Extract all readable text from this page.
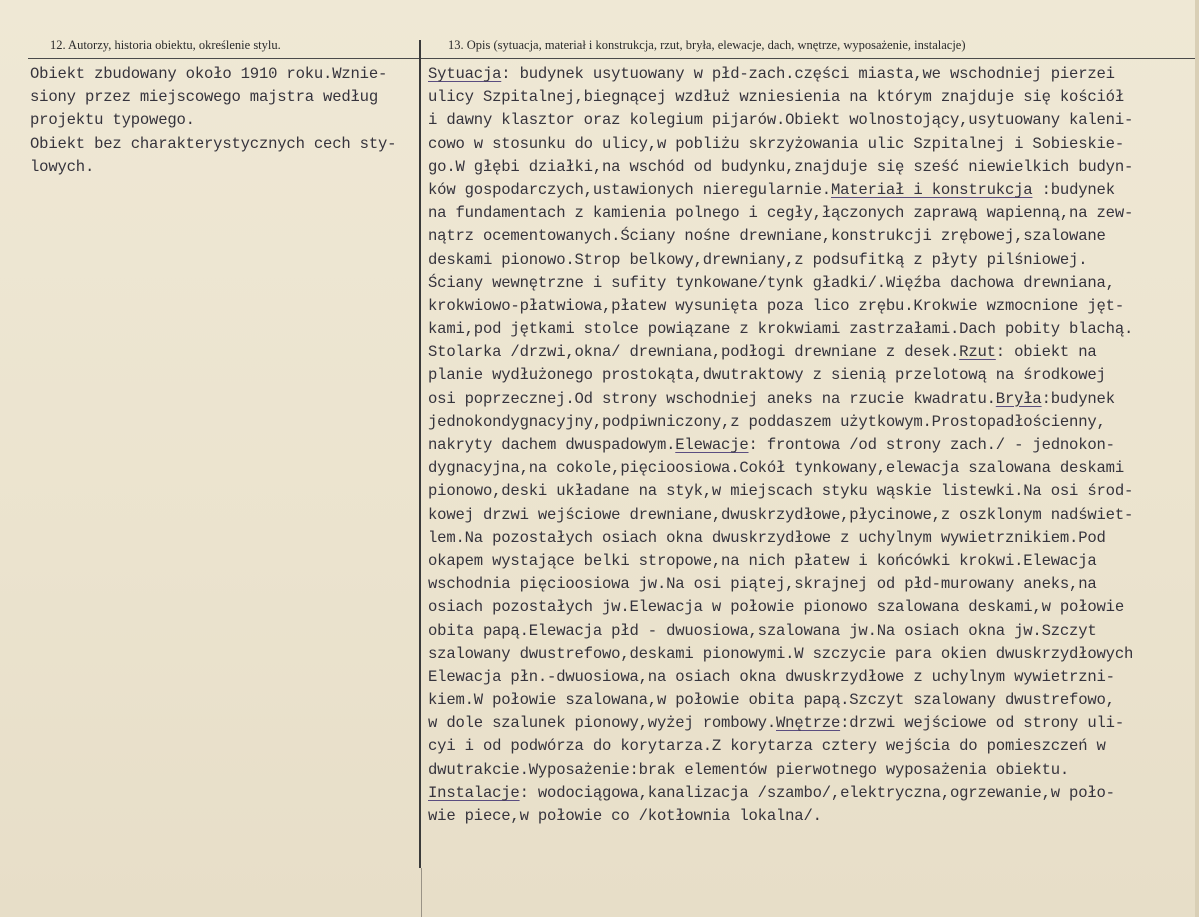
12. Autorzy, historia obiektu, określenie stylu.	13. Opis (sytuacja, materiał i konstrukcja, rzut, bryła, elewacje, dach, wnętrze, wyposażenie, instalacje)
Obiekt zbudowany około 1910 roku.Wznie-
siony przez miejscowego majstra według
projektu typowego.
Obiekt bez charakterystycznych cech sty-
lowych.
Sytuacja: budynek usytuowany w płd-zach.części miasta,we wschodniej pierzei
ulicy Szpitalnej,biegnącej wzdłuż wzniesienia na którym znajduje się kościół
i dawny klasztor oraz kolegium pijarów.Obiekt wolnostojący,usytuowany kaleni-
cowo w stosunku do ulicy,w pobliżu skrzyżowania ulic Szpitalnej i Sobieskie-
go.W głębi działki,na wschód od budynku,znajduje się sześć niewielkich budyn-
ków gospodarczych,ustawionych nieregularnie.Materiał i konstrukcja :budynek
na fundamentach z kamienia polnego i cegły,łączonych zaprawą wapienną,na zew-
nątrz ocementowanych.Ściany nośne drewniane,konstrukcji zrębowej,szalowane
deskami pionowo.Strop belkowy,drewniany,z podsufitką z płyty pilśniowej.
Ściany wewnętrzne i sufity tynkowane/tynk gładki/.Więźba dachowa drewniana,
krokwiowo-płatwiowa,płatew wysunięta poza lico zrębu.Krokwie wzmocnione jęt-
kami,pod jętkami stolce powiązane z krokwiami zastrzałami.Dach pobity blachą.
Stolarka /drzwi,okna/ drewniana,podłogi drewniane z desek.Rzut: obiekt na
planie wydłużonego prostokąta,dwutraktowy z sienią przelotową na środkowej
osi poprzecznej.Od strony wschodniej aneks na rzucie kwadratu.Bryła:budynek
jednokondygnacyjny,podpiwniczony,z poddaszem użytkowym.Prostopadłościenny,
nakryty dachem dwuspadowym.Elewacje: frontowa /od strony zach./ - jednokon-
dygnacyjna,na cokole,pięcioosiowa.Cokół tynkowany,elewacja szalowana deskami
pionowo,deski układane na styk,w miejscach styku wąskie listewki.Na osi środ-
kowej drzwi wejściowe drewniane,dwuskrzydłowe,płycinowe,z oszklonym nadświet-
lem.Na pozostałych osiach okna dwuskrzydłowe z uchylnym wywietrznikiem.Pod
okapem wystające belki stropowe,na nich płatew i końcówki krokwi.Elewacja
wschodnia pięcioosiowa jw.Na osi piątej,skrajnej od płd-murowany aneks,na
osiach pozostałych jw.Elewacja w połowie pionowo szalowana deskami,w połowie
obita papą.Elewacja płd - dwuosiowa,szalowana jw.Na osiach okna jw.Szczyt
szalowany dwustrefowo,deskami pionowymi.W szczycie para okien dwuskrzydłowych
Elewacja płn.-dwuosiowa,na osiach okna dwuskrzydłowe z uchylnym wywietrzni-
kiem.W połowie szalowana,w połowie obita papą.Szczyt szalowany dwustrefowo,
w dole szalunek pionowy,wyżej rombowy.Wnętrze:drzwi wejściowe od strony uli-
cyi i od podwórza do korytarza.Z korytarza cztery wejścia do pomieszczeń w
dwutrakcie.Wyposażenie:brak elementów pierwotnego wyposażenia obiektu.
Instalacje: wodociągowa,kanalizacja /szambo/,elektryczna,ogrzewanie,w poło-
wie piece,w połowie co /kotłownia lokalna/.
